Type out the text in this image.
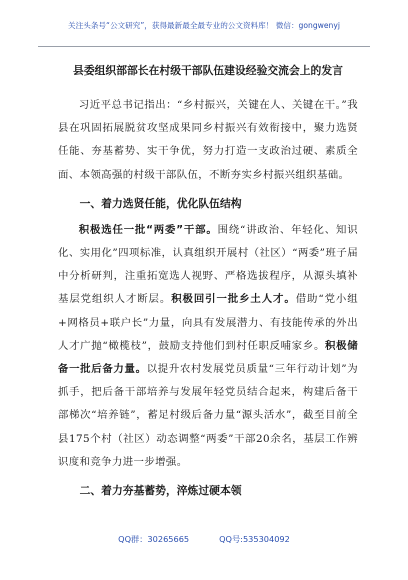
关注头条号“公文研究”，获得最新最全最专业的公文资料库！ 微信：gongwenyj
县委组织部部长在村级干部队伍建设经验交流会上的发言

习近平总书记指出：“乡村振兴，关键在人、关键在干。”我县在巩固拓展脱贫攻坚成果同乡村振兴有效衔接中，聚力选贤任能、夯基蓄势、实干争优，努力打造一支政治过硬、素质全面、本领高强的村级干部队伍，不断夯实乡村振兴组织基础。

一、着力选贤任能，优化队伍结构

积极选任一批“两委”干部。围绕“讲政治、年轻化、知识化、实用化”四项标准，认真组织开展村（社区）“两委”班子届中分析研判，注重拓宽选人视野、严格选拔程序，从源头填补基层党组织人才断层。积极回引一批乡土人才。借助“党小组+网格员+联户长”力量，向具有发展潜力、有技能传承的外出人才广抛“橄榄枝”，鼓励支持他们到村任职反哺家乡。积极储备一批后备力量。以提升农村发展党员质量“三年行动计划”为抓手，把后备干部培养与发展年轻党员结合起来，构建后备干部梯次“培养链”，蓄足村级后备力量“源头活水”，截至目前全县175个村（社区）动态调整“两委”干部20余名，基层工作辨识度和竞争力进一步增强。

二、着力夯基蓄势，淬炼过硬本领
QQ群：30265665	QQ号:535304092
